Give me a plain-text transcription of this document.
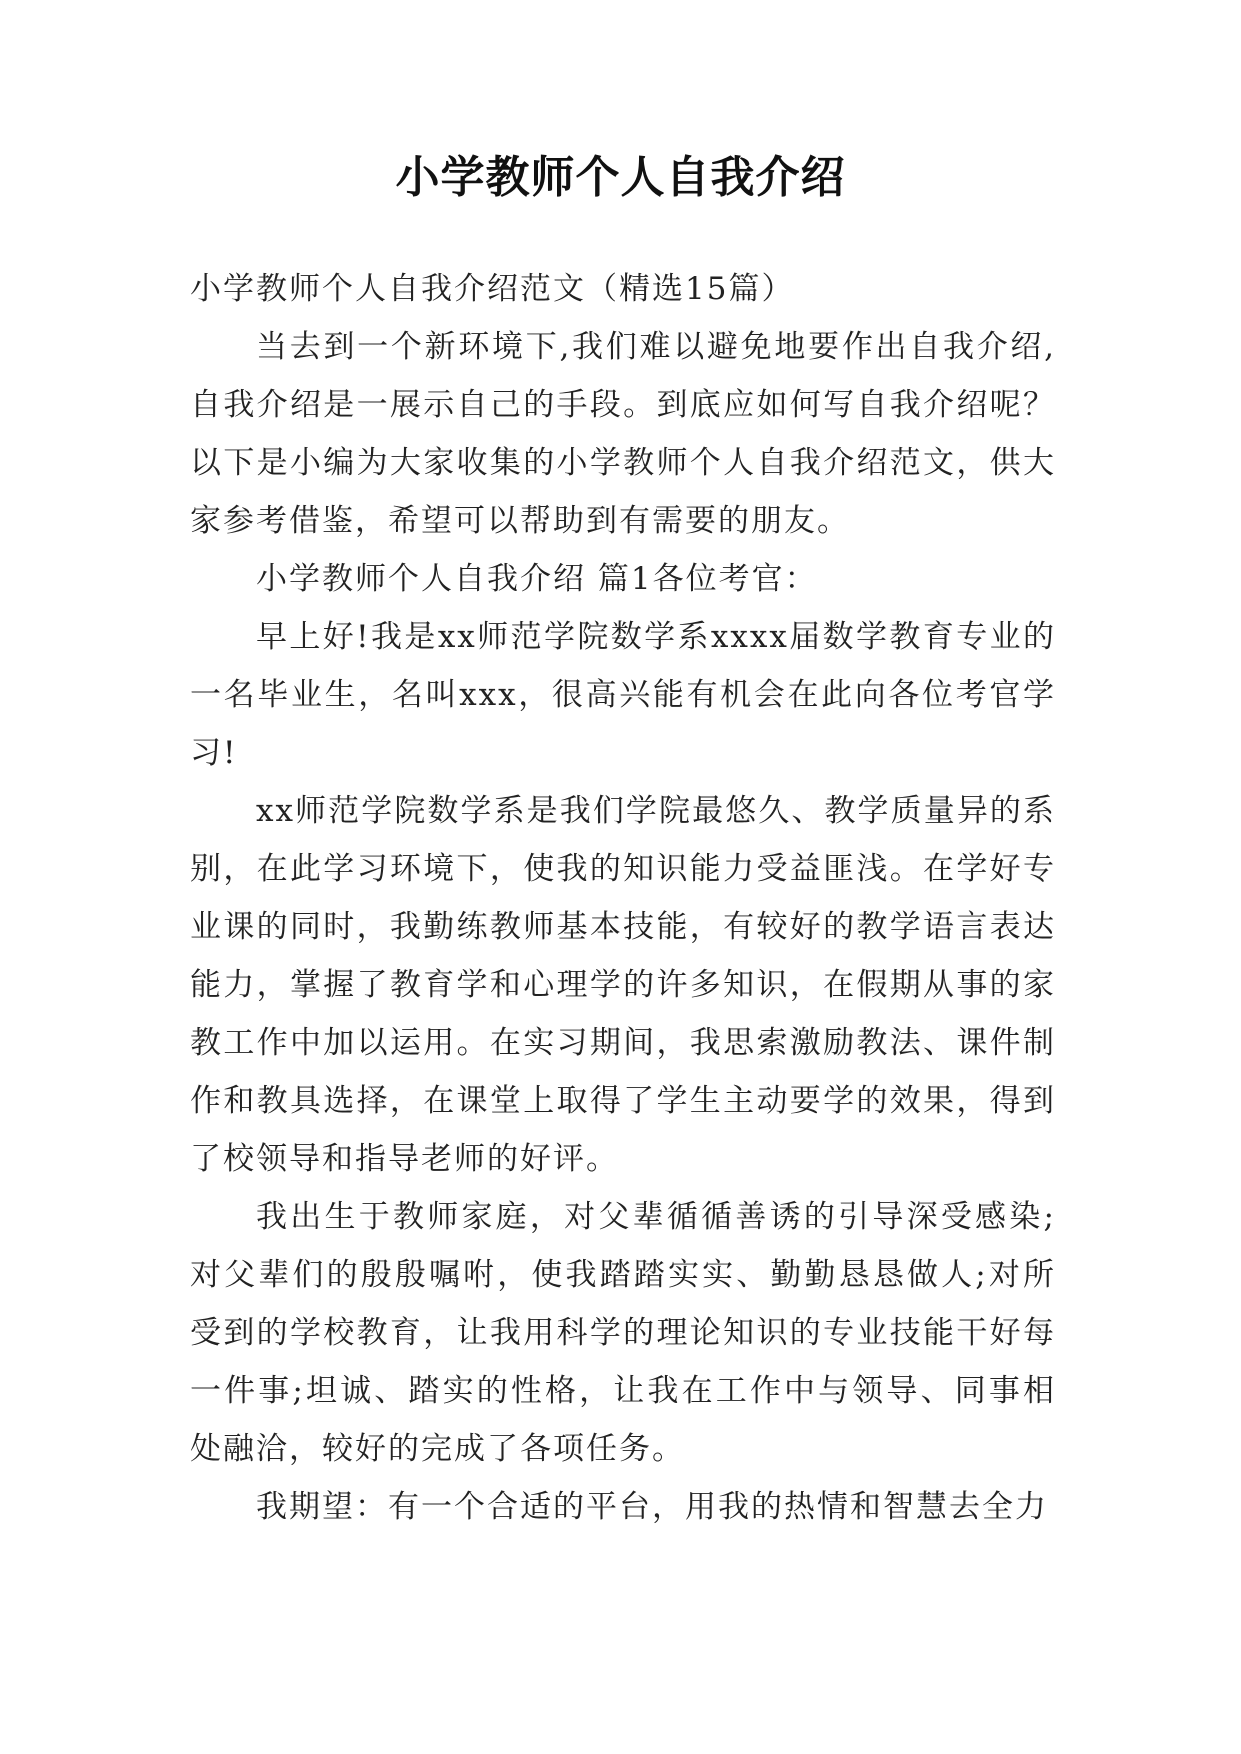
小学教师个人自我介绍

小学教师个人自我介绍范文（精选15篇）

当去到一个新环境下,我们难以避免地要作出自我介绍,自我介绍是一展示自己的手段。到底应如何写自我介绍呢？以下是小编为大家收集的小学教师个人自我介绍范文，供大家参考借鉴，希望可以帮助到有需要的朋友。

小学教师个人自我介绍 篇1各位考官：

早上好!我是xx师范学院数学系xxxx届数学教育专业的一名毕业生，名叫xxx，很高兴能有机会在此向各位考官学习!

xx师范学院数学系是我们学院最悠久、教学质量异的系别，在此学习环境下，使我的知识能力受益匪浅。在学好专业课的同时，我勤练教师基本技能，有较好的教学语言表达能力，掌握了教育学和心理学的许多知识，在假期从事的家教工作中加以运用。在实习期间，我思索激励教法、课件制作和教具选择，在课堂上取得了学生主动要学的效果，得到了校领导和指导老师的好评。

我出生于教师家庭，对父辈循循善诱的引导深受感染;对父辈们的殷殷嘱咐，使我踏踏实实、勤勤恳恳做人;对所受到的学校教育，让我用科学的理论知识的专业技能干好每一件事;坦诚、踏实的性格，让我在工作中与领导、同事相处融洽，较好的完成了各项任务。

我期望：有一个合适的平台，用我的热情和智慧去全力
